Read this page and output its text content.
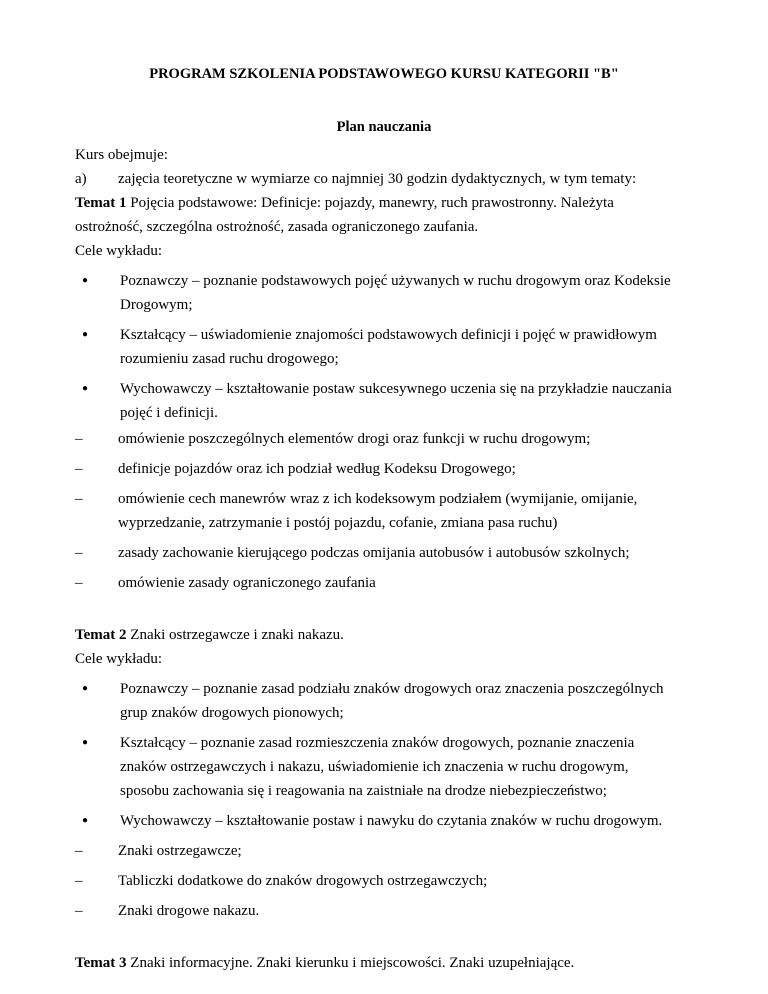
PROGRAM SZKOLENIA PODSTAWOWEGO KURSU KATEGORII "B"
Plan nauczania
Kurs obejmuje:
a)	zajęcia teoretyczne w wymiarze co najmniej 30 godzin dydaktycznych, w tym tematy:
Temat 1 Pojęcia podstawowe: Definicje: pojazdy, manewry, ruch prawostronny. Należyta
ostrożność, szczególna ostrożność, zasada ograniczonego zaufania.
Cele wykładu:
●	Poznawczy – poznanie podstawowych pojęć używanych w ruchu drogowym oraz Kodeksie
Drogowym;
●	Kształcący – uświadomienie znajomości podstawowych definicji i pojęć w prawidłowym
rozumieniu zasad ruchu drogowego;
●	Wychowawczy – kształtowanie postaw sukcesywnego uczenia się na przykładzie nauczania
pojęć i definicji.
–	omówienie poszczególnych elementów drogi oraz funkcji w ruchu drogowym;
–	definicje pojazdów oraz ich podział według Kodeksu Drogowego;
–	omówienie cech manewrów wraz z ich kodeksowym podziałem (wymijanie, omijanie,
wyprzedzanie, zatrzymanie i postój pojazdu, cofanie, zmiana pasa ruchu)
–	zasady zachowanie kierującego podczas omijania autobusów i autobusów szkolnych;
–	omówienie zasady ograniczonego zaufania
Temat 2 Znaki ostrzegawcze i znaki nakazu.
Cele wykładu:
●	Poznawczy – poznanie zasad podziału znaków drogowych oraz znaczenia poszczególnych
grup znaków drogowych pionowych;
●	Kształcący – poznanie zasad rozmieszczenia znaków drogowych, poznanie znaczenia
znaków ostrzegawczych i nakazu, uświadomienie ich znaczenia w ruchu drogowym,
sposobu zachowania się i reagowania na zaistniałe na drodze niebezpieczeństwo;
●	Wychowawczy – kształtowanie postaw i nawyku do czytania znaków w ruchu drogowym.
–	Znaki ostrzegawcze;
–	Tabliczki dodatkowe do znaków drogowych ostrzegawczych;
–	Znaki drogowe nakazu.
Temat 3 Znaki informacyjne. Znaki kierunku i miejscowości. Znaki uzupełniające.
